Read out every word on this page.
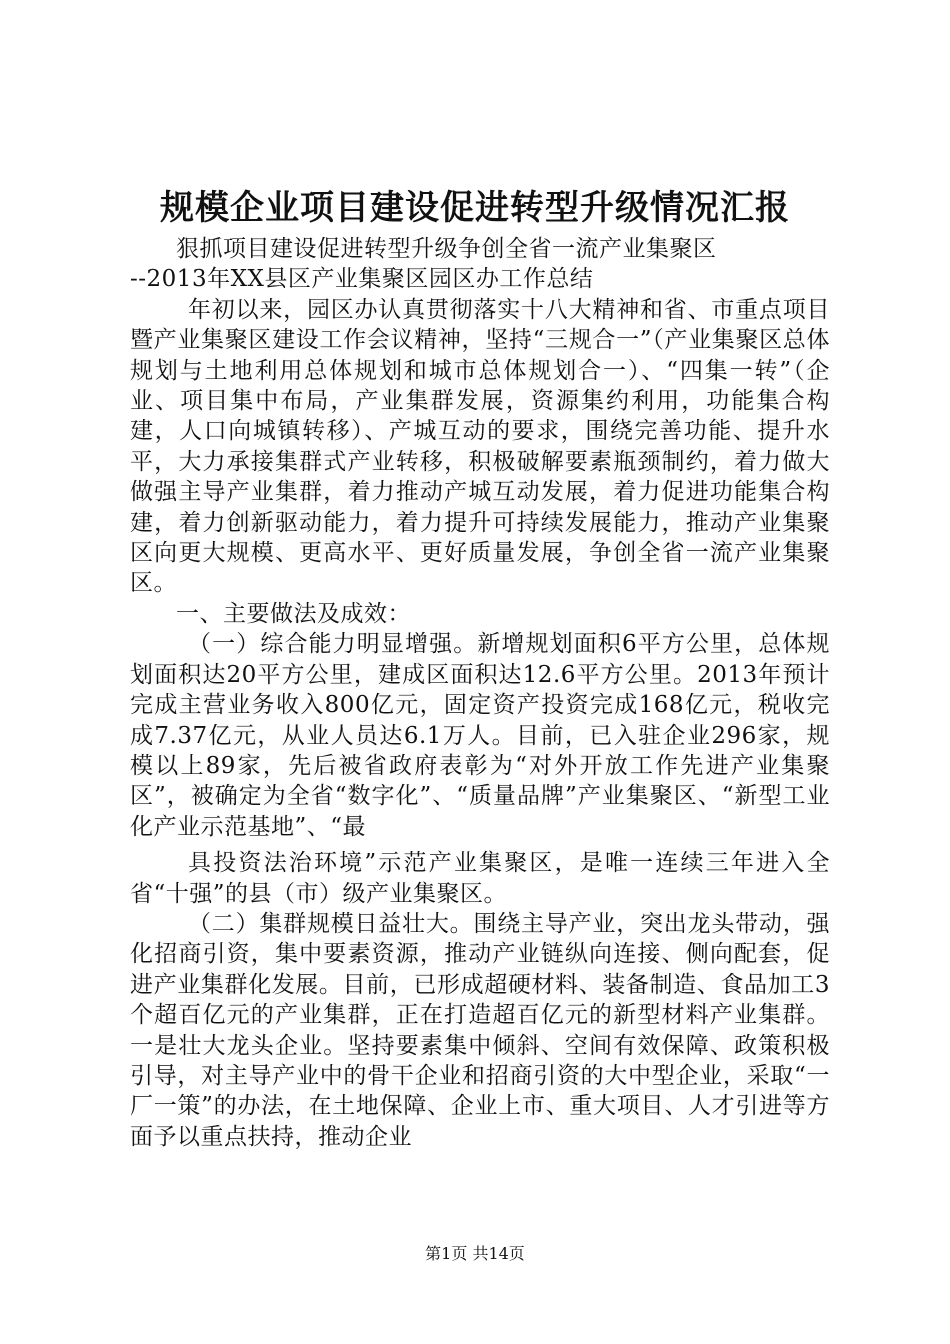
规模企业项目建设促进转型升级情况汇报

狠抓项目建设促进转型升级争创全省一流产业集聚区

--2013年XX县区产业集聚区园区办工作总结

年初以来，园区办认真贯彻落实十八大精神和省、市重点项目暨产业集聚区建设工作会议精神，坚持“三规合一”（产业集聚区总体规划与土地利用总体规划和城市总体规划合一）、“四集一转”（企业、项目集中布局，产业集群发展，资源集约利用，功能集合构建，人口向城镇转移）、产城互动的要求，围绕完善功能、提升水平，大力承接集群式产业转移，积极破解要素瓶颈制约，着力做大做强主导产业集群，着力推动产城互动发展，着力促进功能集合构建，着力创新驱动能力，着力提升可持续发展能力，推动产业集聚区向更大规模、更高水平、更好质量发展，争创全省一流产业集聚区。

一、主要做法及成效：

（一）综合能力明显增强。新增规划面积6平方公里，总体规划面积达20平方公里，建成区面积达12.6平方公里。2013年预计完成主营业务收入800亿元，固定资产投资完成168亿元，税收完成7.37亿元，从业人员达6.1万人。目前，已入驻企业296家，规模以上89家，先后被省政府表彰为“对外开放工作先进产业集聚区”，被确定为全省“数字化”、“质量品牌”产业集聚区、“新型工业化产业示范基地”、“最

具投资法治环境”示范产业集聚区，是唯一连续三年进入全省“十强”的县（市）级产业集聚区。

（二）集群规模日益壮大。围绕主导产业，突出龙头带动，强化招商引资，集中要素资源，推动产业链纵向连接、侧向配套，促进产业集群化发展。目前，已形成超硬材料、装备制造、食品加工3个超百亿元的产业集群，正在打造超百亿元的新型材料产业集群。一是壮大龙头企业。坚持要素集中倾斜、空间有效保障、政策积极引导，对主导产业中的骨干企业和招商引资的大中型企业，采取“一厂一策”的办法，在土地保障、企业上市、重大项目、人才引进等方面予以重点扶持，推动企业

第1页 共14页
